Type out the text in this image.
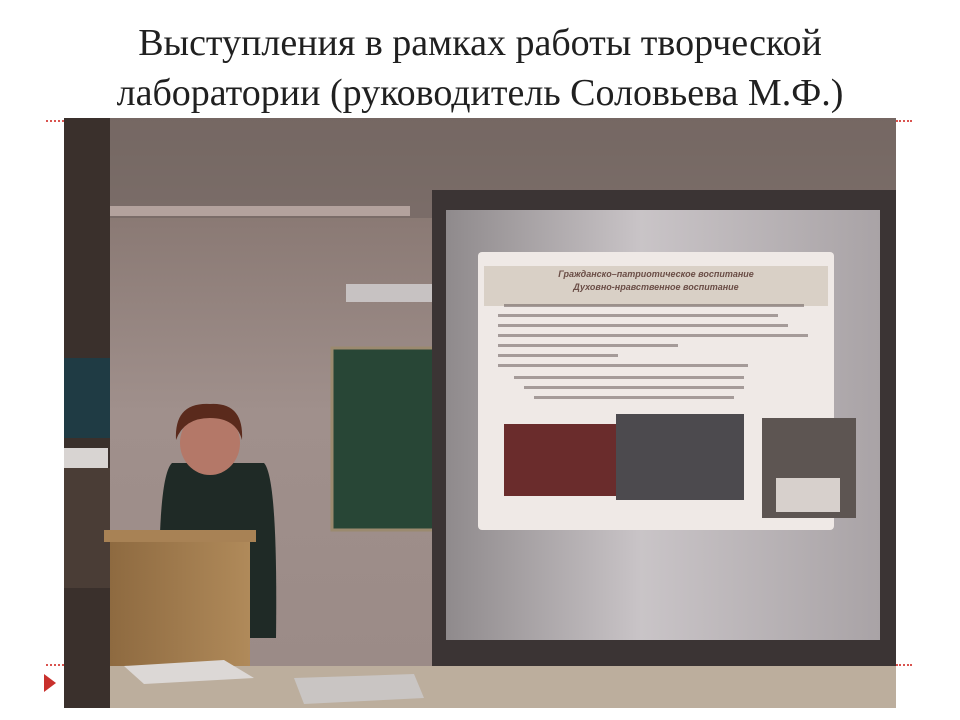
Выступления в рамках работы творческой лаборатории (руководитель Соловьева М.Ф.)
Гражданско–патриотическое воспитание
Духовно-нравственное воспитание
